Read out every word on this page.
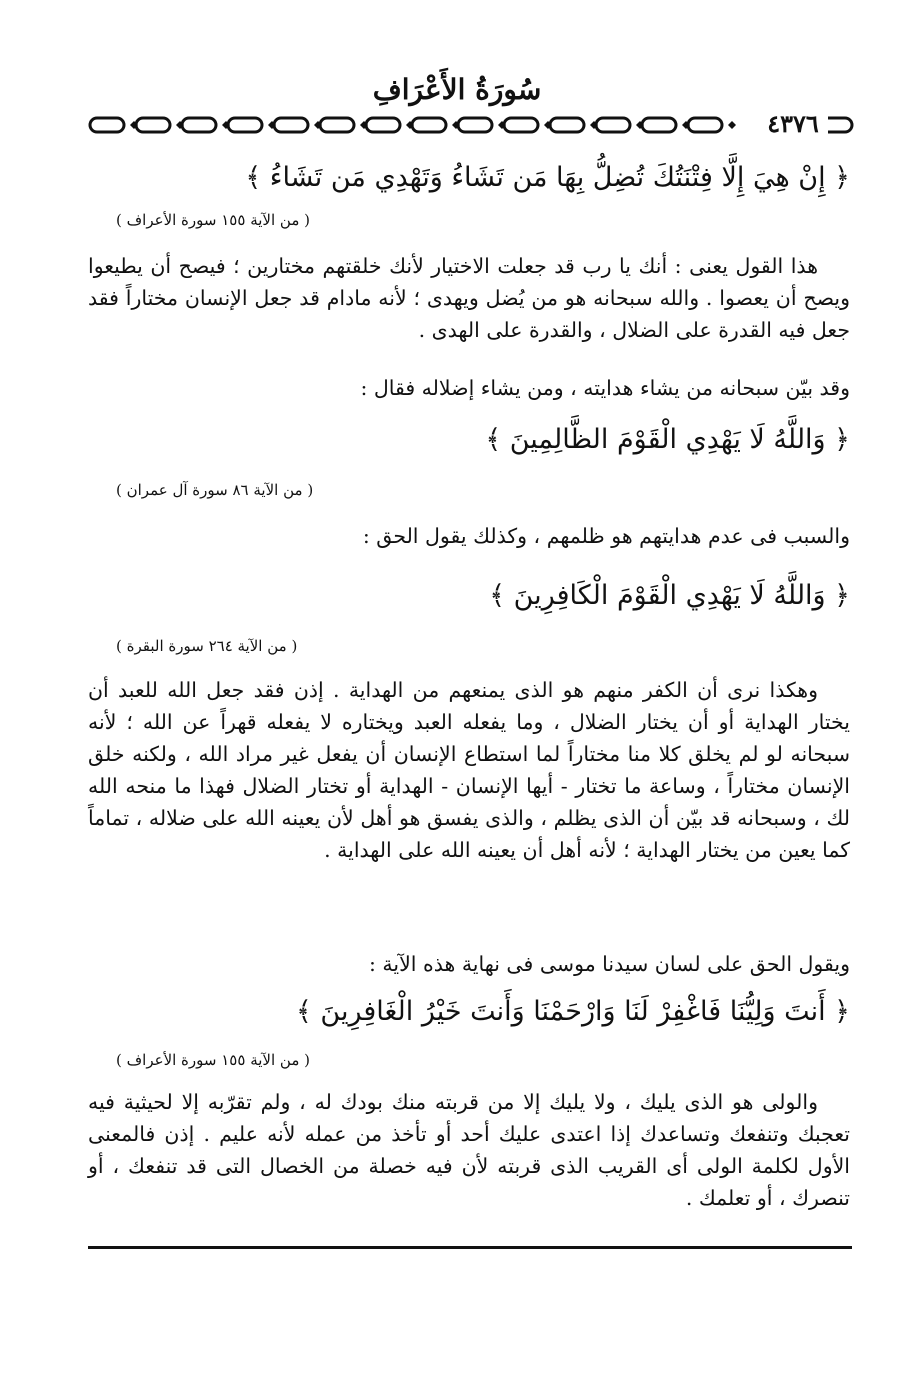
سُورَةُ الأَعْرَافِ
٤٣٧٦
﴿ إِنْ هِيَ إِلَّا فِتْنَتُكَ تُضِلُّ بِهَا مَن تَشَاءُ وَتَهْدِي مَن تَشَاءُ ﴾
( من الآية ١٥٥ سورة الأعراف )
هذا القول يعنى : أنك يا رب قد جعلت الاختيار لأنك خلقتهم مختارين ؛ فيصح أن يطيعوا ويصح أن يعصوا . والله سبحانه هو من يُضل ويهدى ؛ لأنه مادام قد جعل الإنسان مختاراً فقد جعل فيه القدرة على الضلال ، والقدرة على الهدى .
وقد بيّن سبحانه من يشاء هدايته ، ومن يشاء إضلاله فقال :
﴿ وَاللَّهُ لَا يَهْدِي الْقَوْمَ الظَّالِمِينَ ﴾
( من الآية ٨٦ سورة آل عمران )
والسبب فى عدم هدايتهم هو ظلمهم ، وكذلك يقول الحق :
﴿ وَاللَّهُ لَا يَهْدِي الْقَوْمَ الْكَافِرِينَ ﴾
( من الآية ٢٦٤ سورة البقرة )
وهكذا نرى أن الكفر منهم هو الذى يمنعهم من الهداية . إذن فقد جعل الله للعبد أن يختار الهداية أو أن يختار الضلال ، وما يفعله العبد ويختاره لا يفعله قهراً عن الله ؛ لأنه سبحانه لو لم يخلق كلا منا مختاراً لما استطاع الإنسان أن يفعل غير مراد الله ، ولكنه خلق الإنسان مختاراً ، وساعة ما تختار - أيها الإنسان - الهداية أو تختار الضلال فهذا ما منحه الله لك ، وسبحانه قد بيّن أن الذى يظلم ، والذى يفسق هو أهل لأن يعينه الله على ضلاله ، تماماً كما يعين من يختار الهداية ؛ لأنه أهل أن يعينه الله على الهداية .
ويقول الحق على لسان سيدنا موسى فى نهاية هذه الآية :
﴿ أَنتَ وَلِيُّنَا فَاغْفِرْ لَنَا وَارْحَمْنَا وَأَنتَ خَيْرُ الْغَافِرِينَ ﴾
( من الآية ١٥٥ سورة الأعراف )
والولى هو الذى يليك ، ولا يليك إلا من قربته منك بودك له ، ولم تقرّبه إلا لحيثية فيه تعجبك وتنفعك وتساعدك إذا اعتدى عليك أحد أو تأخذ من عمله لأنه عليم . إذن فالمعنى الأول لكلمة الولى أى القريب الذى قربته لأن فيه خصلة من الخصال التى قد تنفعك ، أو تنصرك ، أو تعلمك .
